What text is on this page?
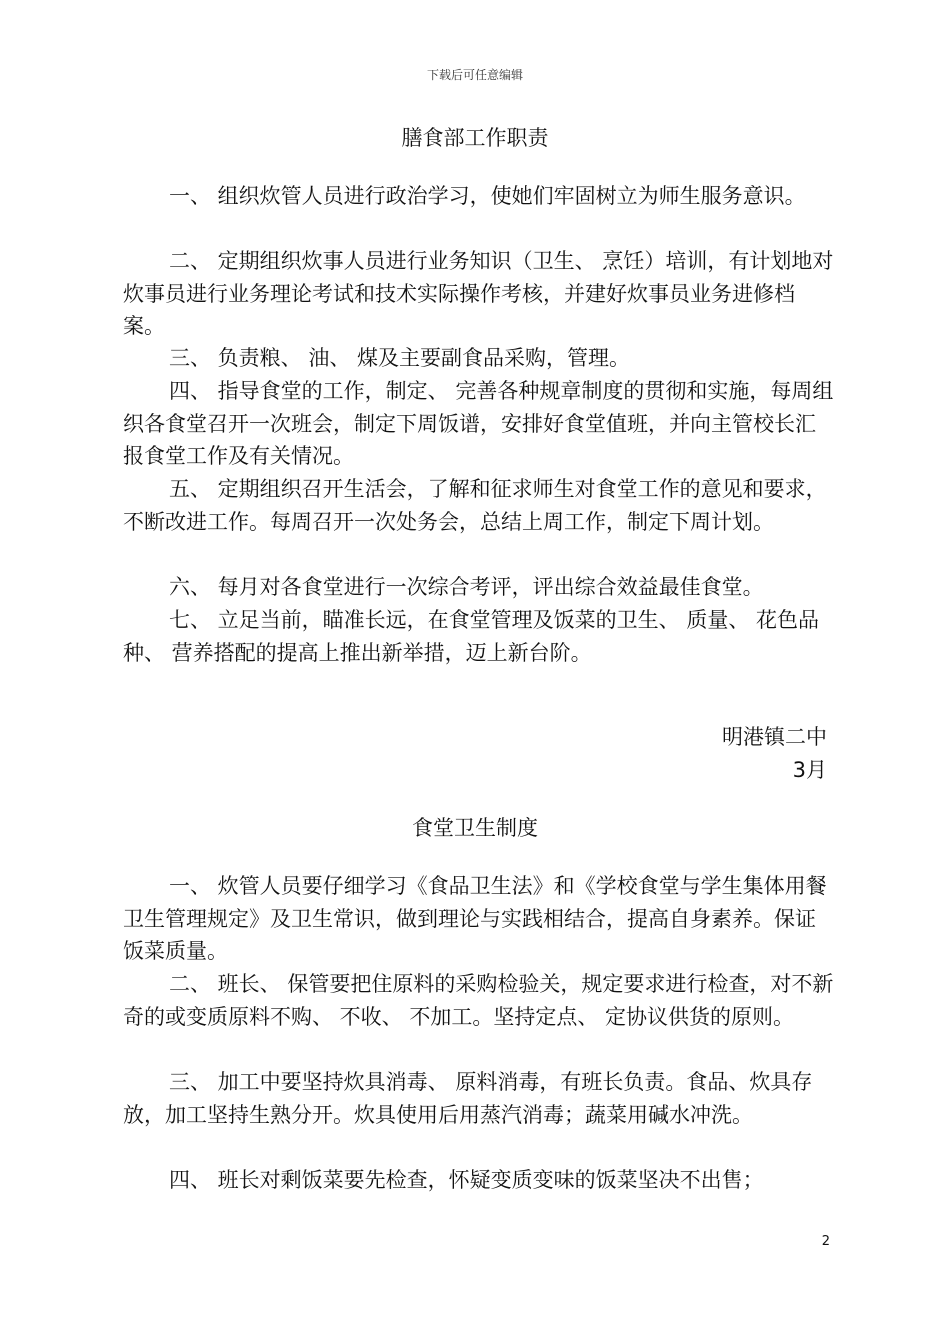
下载后可任意编辑
膳食部工作职责

一、 组织炊管人员进行政治学习，使她们牢固树立为师生服务意识。

二、 定期组织炊事人员进行业务知识（卫生、 烹饪）培训，有计划地对炊事员进行业务理论考试和技术实际操作考核，并建好炊事员业务进修档案。

三、 负责粮、 油、 煤及主要副食品采购，管理。

四、 指导食堂的工作，制定、 完善各种规章制度的贯彻和实施，每周组织各食堂召开一次班会，制定下周饭谱，安排好食堂值班，并向主管校长汇报食堂工作及有关情况。

五、 定期组织召开生活会，了解和征求师生对食堂工作的意见和要求，不断改进工作。每周召开一次处务会，总结上周工作，制定下周计划。

六、 每月对各食堂进行一次综合考评，评出综合效益最佳食堂。

七、 立足当前，瞄准长远，在食堂管理及饭菜的卫生、 质量、 花色品种、 营养搭配的提高上推出新举措，迈上新台阶。

明港镇二中
3月
食堂卫生制度

一、 炊管人员要仔细学习《食品卫生法》和《学校食堂与学生集体用餐卫生管理规定》及卫生常识，做到理论与实践相结合，提高自身素养。保证饭菜质量。

二、 班长、 保管要把住原料的采购检验关，规定要求进行检查，对不新奇的或变质原料不购、 不收、 不加工。坚持定点、 定协议供货的原则。

三、 加工中要坚持炊具消毒、 原料消毒，有班长负责。食品、炊具存放，加工坚持生熟分开。炊具使用后用蒸汽消毒；蔬菜用碱水冲洗。

四、 班长对剩饭菜要先检查，怀疑变质变味的饭菜坚决不出售；

2
